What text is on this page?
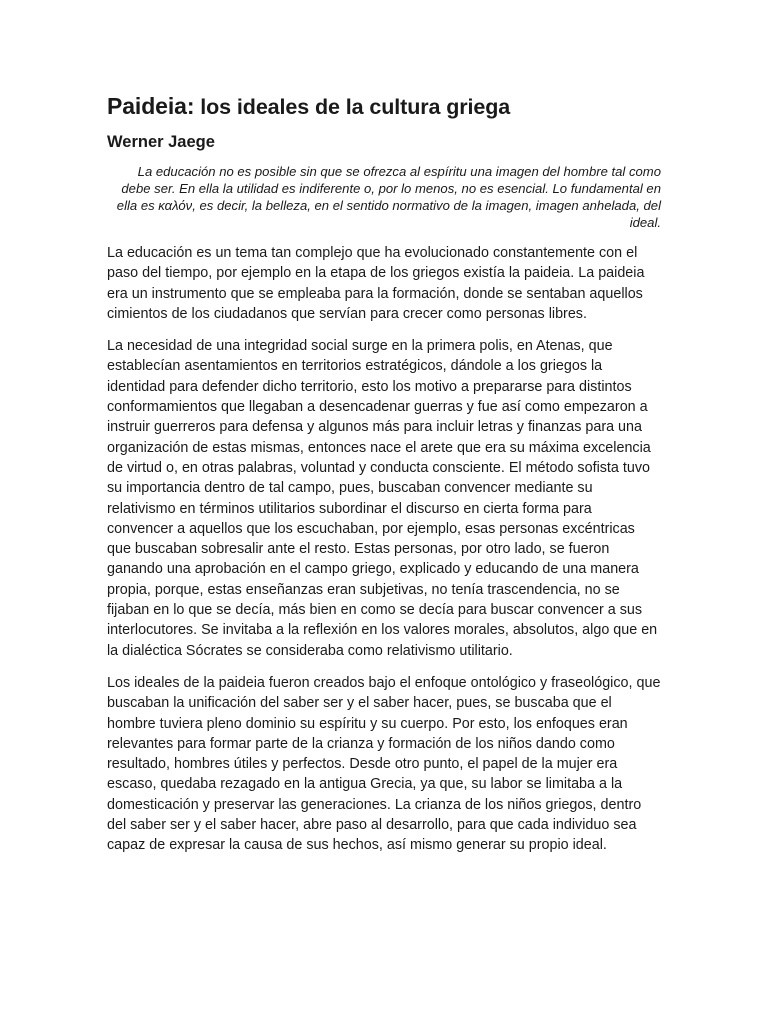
Paideia: los ideales de la cultura griega
Werner Jaege

La educación no es posible sin que se ofrezca al espíritu una imagen del hombre tal como debe ser. En ella la utilidad es indiferente o, por lo menos, no es esencial. Lo fundamental en ella es καλόν, es decir, la belleza, en el sentido normativo de la imagen, imagen anhelada, del ideal.

La educación es un tema tan complejo que ha evolucionado constantemente con el paso del tiempo, por ejemplo en la etapa de los griegos existía la paideia. La paideia era un instrumento que se empleaba para la formación, donde se sentaban aquellos cimientos de los ciudadanos que servían para crecer como personas libres.

La necesidad de una integridad social surge en la primera polis, en Atenas, que establecían asentamientos en territorios estratégicos, dándole a los griegos la identidad para defender dicho territorio, esto los motivo a prepararse para distintos conformamientos que llegaban a desencadenar guerras y fue así como empezaron a instruir guerreros para defensa y algunos más para incluir letras y finanzas para una organización de estas mismas, entonces nace el arete que era su máxima excelencia de virtud o, en otras palabras, voluntad y conducta consciente. El método sofista tuvo su importancia dentro de tal campo, pues, buscaban convencer mediante su relativismo en términos utilitarios subordinar el discurso en cierta forma para convencer a aquellos que los escuchaban, por ejemplo, esas personas excéntricas que buscaban sobresalir ante el resto. Estas personas, por otro lado, se fueron ganando una aprobación en el campo griego, explicado y educando de una manera propia, porque, estas enseñanzas eran subjetivas, no tenía trascendencia, no se fijaban en lo que se decía, más bien en como se decía para buscar convencer a sus interlocutores. Se invitaba a la reflexión en los valores morales, absolutos, algo que en la dialéctica Sócrates se consideraba como relativismo utilitario.

Los ideales de la paideia fueron creados bajo el enfoque ontológico y fraseológico, que buscaban la unificación del saber ser y el saber hacer, pues, se buscaba que el hombre tuviera pleno dominio su espíritu y su cuerpo. Por esto, los enfoques eran relevantes para formar parte de la crianza y formación de los niños dando como resultado, hombres útiles y perfectos. Desde otro punto, el papel de la mujer era escaso, quedaba rezagado en la antigua Grecia, ya que, su labor se limitaba a la domesticación y preservar las generaciones. La crianza de los niños griegos, dentro del saber ser y el saber hacer, abre paso al desarrollo, para que cada individuo sea capaz de expresar la causa de sus hechos, así mismo generar su propio ideal.
